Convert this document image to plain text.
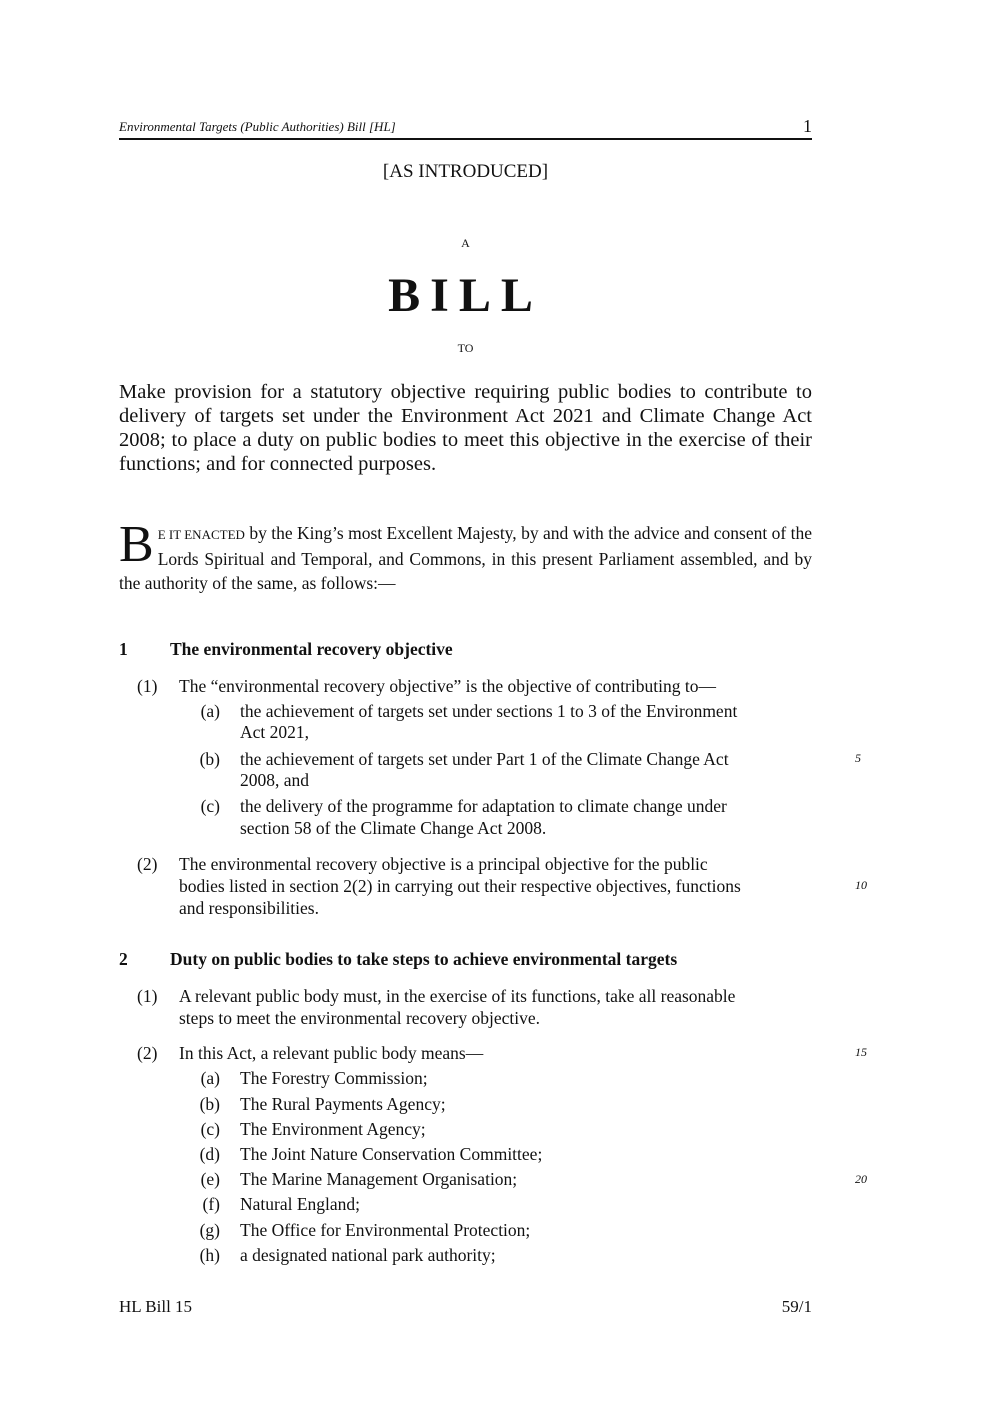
Environmental Targets (Public Authorities) Bill [HL]	1
[AS INTRODUCED]
A
BILL
TO
Make provision for a statutory objective requiring public bodies to contribute to delivery of targets set under the Environment Act 2021 and Climate Change Act 2008; to place a duty on public bodies to meet this objective in the exercise of their functions; and for connected purposes.
B E IT ENACTED by the King’s most Excellent Majesty, by and with the advice and consent of the Lords Spiritual and Temporal, and Commons, in this present Parliament assembled, and by the authority of the same, as follows:—
1 The environmental recovery objective
(1) The “environmental recovery objective” is the objective of contributing to—
(a) the achievement of targets set under sections 1 to 3 of the Environment
Act 2021,
(b) the achievement of targets set under Part 1 of the Climate Change Act
2008, and
5
(c) the delivery of the programme for adaptation to climate change under
section 58 of the Climate Change Act 2008.
(2) The environmental recovery objective is a principal objective for the public
bodies listed in section 2(2) in carrying out their respective objectives, functions
and responsibilities.
10
2 Duty on public bodies to take steps to achieve environmental targets
(1) A relevant public body must, in the exercise of its functions, take all reasonable
steps to meet the environmental recovery objective.
(2) In this Act, a relevant public body means—	15
(a) The Forestry Commission;
(b) The Rural Payments Agency;
(c) The Environment Agency;
(d) The Joint Nature Conservation Committee;
(e) The Marine Management Organisation;	20
(f) Natural England;
(g) The Office for Environmental Protection;
(h) a designated national park authority;
HL Bill 15	59/1
